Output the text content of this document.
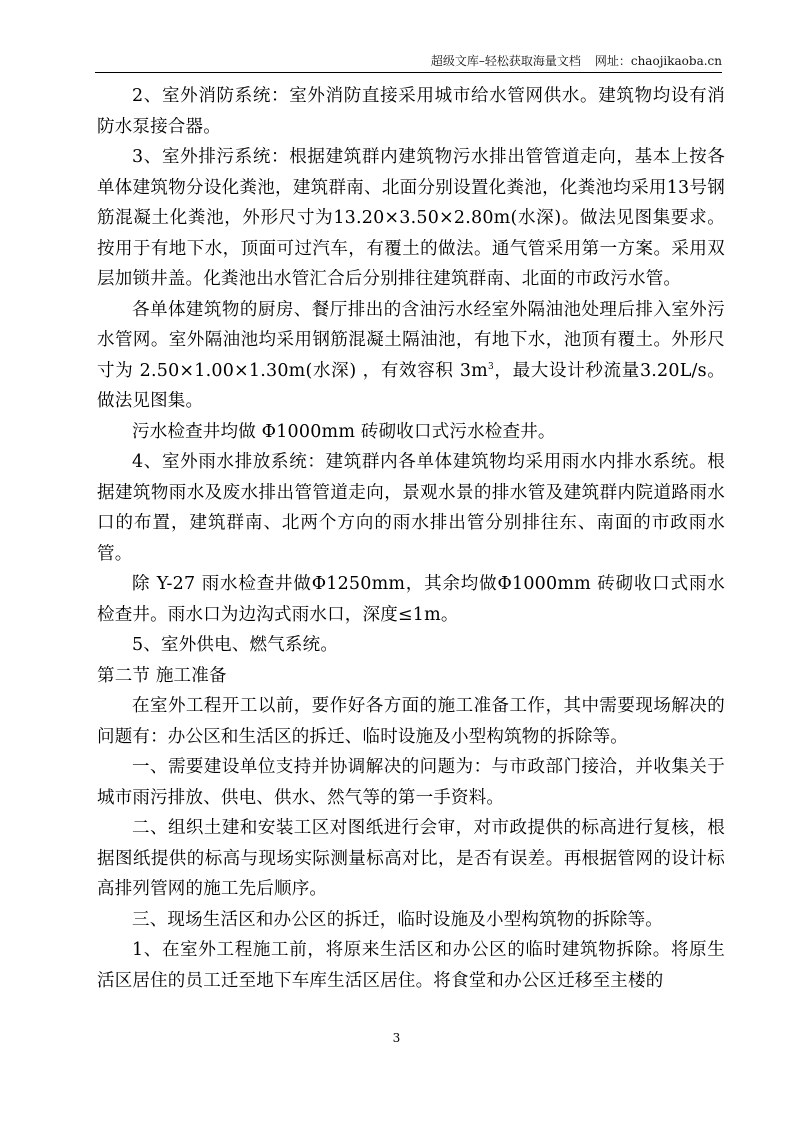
超级文库–轻松获取海量文档 网址：chaojikaoba.cn

2、室外消防系统：室外消防直接采用城市给水管网供水。建筑物均设有消防水泵接合器。

3、室外排污系统：根据建筑群内建筑物污水排出管管道走向，基本上按各单体建筑物分设化粪池，建筑群南、北面分别设置化粪池，化粪池均采用13号钢筋混凝土化粪池，外形尺寸为13.20×3.50×2.80m(水深)。做法见图集要求。按用于有地下水，顶面可过汽车，有覆土的做法。通气管采用第一方案。采用双层加锁井盖。化粪池出水管汇合后分别排往建筑群南、北面的市政污水管。

各单体建筑物的厨房、餐厅排出的含油污水经室外隔油池处理后排入室外污水管网。室外隔油池均采用钢筋混凝土隔油池，有地下水，池顶有覆土。外形尺寸为 2.50×1.00×1.30m(水深) ，有效容积 $3m^3$，最大设计秒流量3.20L/s。做法见图集。

污水检查井均做 Φ1000mm 砖砌收口式污水检查井。

4、室外雨水排放系统：建筑群内各单体建筑物均采用雨水内排水系统。根据建筑物雨水及废水排出管管道走向，景观水景的排水管及建筑群内院道路雨水口的布置，建筑群南、北两个方向的雨水排出管分别排往东、南面的市政雨水管。

除 Y-27 雨水检查井做Φ1250mm，其余均做Φ1000mm 砖砌收口式雨水检查井。雨水口为边沟式雨水口，深度≤1m。

5、室外供电、燃气系统。

第二节 施工准备

在室外工程开工以前，要作好各方面的施工准备工作，其中需要现场解决的问题有：办公区和生活区的拆迁、临时设施及小型构筑物的拆除等。

一、需要建设单位支持并协调解决的问题为：与市政部门接洽，并收集关于城市雨污排放、供电、供水、然气等的第一手资料。

二、组织土建和安装工区对图纸进行会审，对市政提供的标高进行复核，根据图纸提供的标高与现场实际测量标高对比，是否有误差。再根据管网的设计标高排列管网的施工先后顺序。

三、现场生活区和办公区的拆迁，临时设施及小型构筑物的拆除等。

1、在室外工程施工前，将原来生活区和办公区的临时建筑物拆除。将原生活区居住的员工迁至地下车库生活区居住。将食堂和办公区迁移至主楼的

3
